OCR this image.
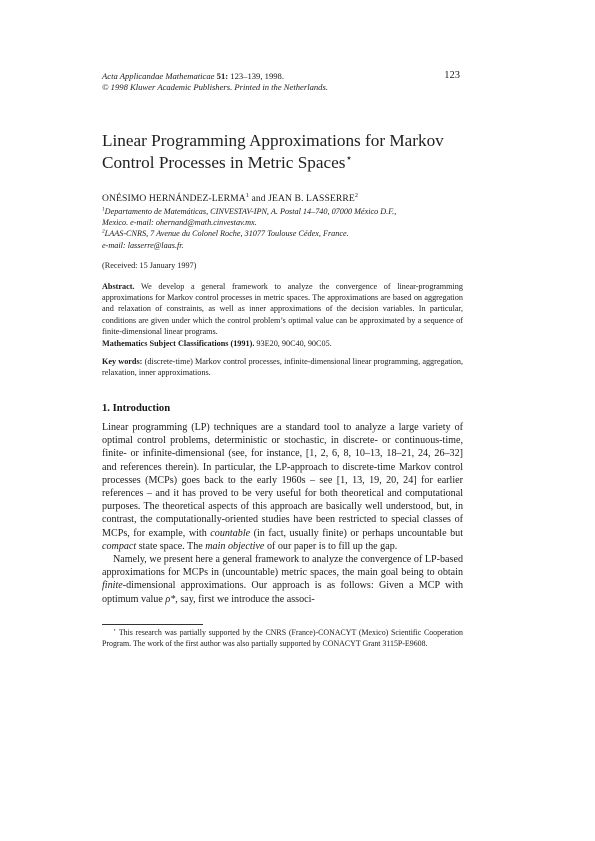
Acta Applicandae Mathematicae 51: 123–139, 1998.
© 1998 Kluwer Academic Publishers. Printed in the Netherlands.
123
Linear Programming Approximations for Markov
Control Processes in Metric Spaces⋆
ONÉSIMO HERNÁNDEZ-LERMA$^1$ and JEAN B. LASSERRE$^2$
$^1$Departamento de Matemáticas, CINVESTAV-IPN, A. Postal 14–740, 07000 México D.F.,
Mexico. e-mail: ohernand@math.cinvestav.mx.
$^2$LAAS-CNRS, 7 Avenue du Colonel Roche, 31077 Toulouse Cédex, France.
e-mail: lasserre@laas.fr.
(Received: 15 January 1997)
Abstract. We develop a general framework to analyze the convergence of linear-programming approximations for Markov control processes in metric spaces. The approximations are based on aggregation and relaxation of constraints, as well as inner approximations of the decision variables. In particular, conditions are given under which the control problem’s optimal value can be approximated by a sequence of finite-dimensional linear programs.
Mathematics Subject Classifications (1991). 93E20, 90C40, 90C05.
Key words: (discrete-time) Markov control processes, infinite-dimensional linear programming, aggregation, relaxation, inner approximations.
1. Introduction

Linear programming (LP) techniques are a standard tool to analyze a large variety of optimal control problems, deterministic or stochastic, in discrete- or continuous-time, finite- or infinite-dimensional (see, for instance, [1, 2, 6, 8, 10–13, 18–21, 24, 26–32] and references therein). In particular, the LP-approach to discrete-time Markov control processes (MCPs) goes back to the early 1960s – see [1, 13, 19, 20, 24] for earlier references – and it has proved to be very useful for both theoretical and computational purposes. The theoretical aspects of this approach are basically well understood, but, in contrast, the computationally-oriented studies have been restricted to special classes of MCPs, for example, with countable (in fact, usually finite) or perhaps uncountable but compact state space. The main objective of our paper is to fill up the gap.

Namely, we present here a general framework to analyze the convergence of LP-based approximations for MCPs in (uncountable) metric spaces, the main goal being to obtain finite-dimensional approximations. Our approach is as follows: Given a MCP with optimum value ρ*, say, first we introduce the associ-

⋆ This research was partially supported by the CNRS (France)-CONACYT (Mexico) Scientific Cooperation Program. The work of the first author was also partially supported by CONACYT Grant 3115P-E9608.
